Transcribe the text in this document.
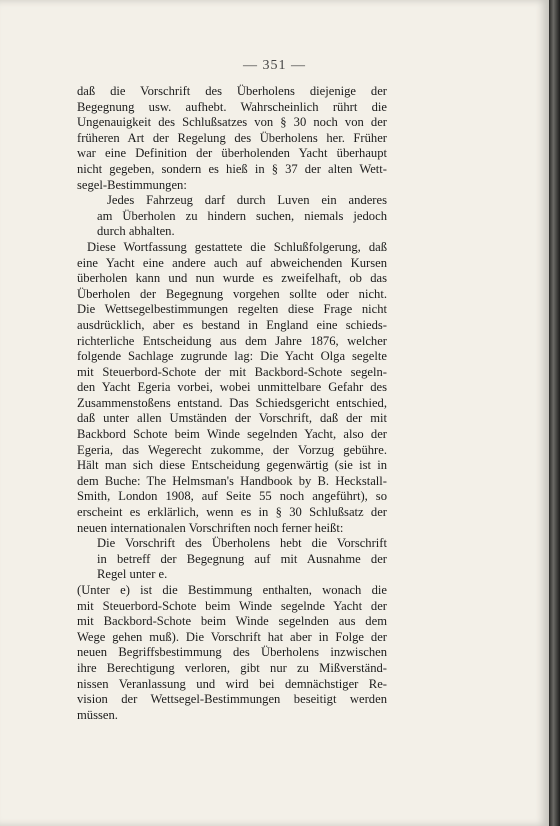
— 351 —
daß die Vorschrift des Überholens diejenige der
Begegnung usw. aufhebt. Wahrscheinlich rührt die
Ungenauigkeit des Schlußsatzes von § 30 noch von der
früheren Art der Regelung des Überholens her. Früher
war eine Definition der überholenden Yacht überhaupt
nicht gegeben, sondern es hieß in § 37 der alten Wett-
segel-Bestimmungen:
Jedes Fahrzeug darf durch Luven ein anderes
am Überholen zu hindern suchen, niemals jedoch
durch abhalten.
Diese Wortfassung gestattete die Schlußfolgerung, daß
eine Yacht eine andere auch auf abweichenden Kursen
überholen kann und nun wurde es zweifelhaft, ob das
Überholen der Begegnung vorgehen sollte oder nicht.
Die Wettsegelbestimmungen regelten diese Frage nicht
ausdrücklich, aber es bestand in England eine schieds-
richterliche Entscheidung aus dem Jahre 1876, welcher
folgende Sachlage zugrunde lag: Die Yacht Olga segelte
mit Steuerbord-Schote der mit Backbord-Schote segeln-
den Yacht Egeria vorbei, wobei unmittelbare Gefahr des
Zusammenstoßens entstand. Das Schiedsgericht entschied,
daß unter allen Umständen der Vorschrift, daß der mit
Backbord Schote beim Winde segelnden Yacht, also der
Egeria, das Wegerecht zukomme, der Vorzug gebühre.
Hält man sich diese Entscheidung gegenwärtig (sie ist in
dem Buche: The Helmsman's Handbook by B. Heckstall-
Smith, London 1908, auf Seite 55 noch angeführt), so
erscheint es erklärlich, wenn es in § 30 Schlußsatz der
neuen internationalen Vorschriften noch ferner heißt:
Die Vorschrift des Überholens hebt die Vorschrift
in betreff der Begegnung auf mit Ausnahme der
Regel unter e.
(Unter e) ist die Bestimmung enthalten, wonach die
mit Steuerbord-Schote beim Winde segelnde Yacht der
mit Backbord-Schote beim Winde segelnden aus dem
Wege gehen muß). Die Vorschrift hat aber in Folge der
neuen Begriffsbestimmung des Überholens inzwischen
ihre Berechtigung verloren, gibt nur zu Mißverständ-
nissen Veranlassung und wird bei demnächstiger Re-
vision der Wettsegel-Bestimmungen beseitigt werden
müssen.
